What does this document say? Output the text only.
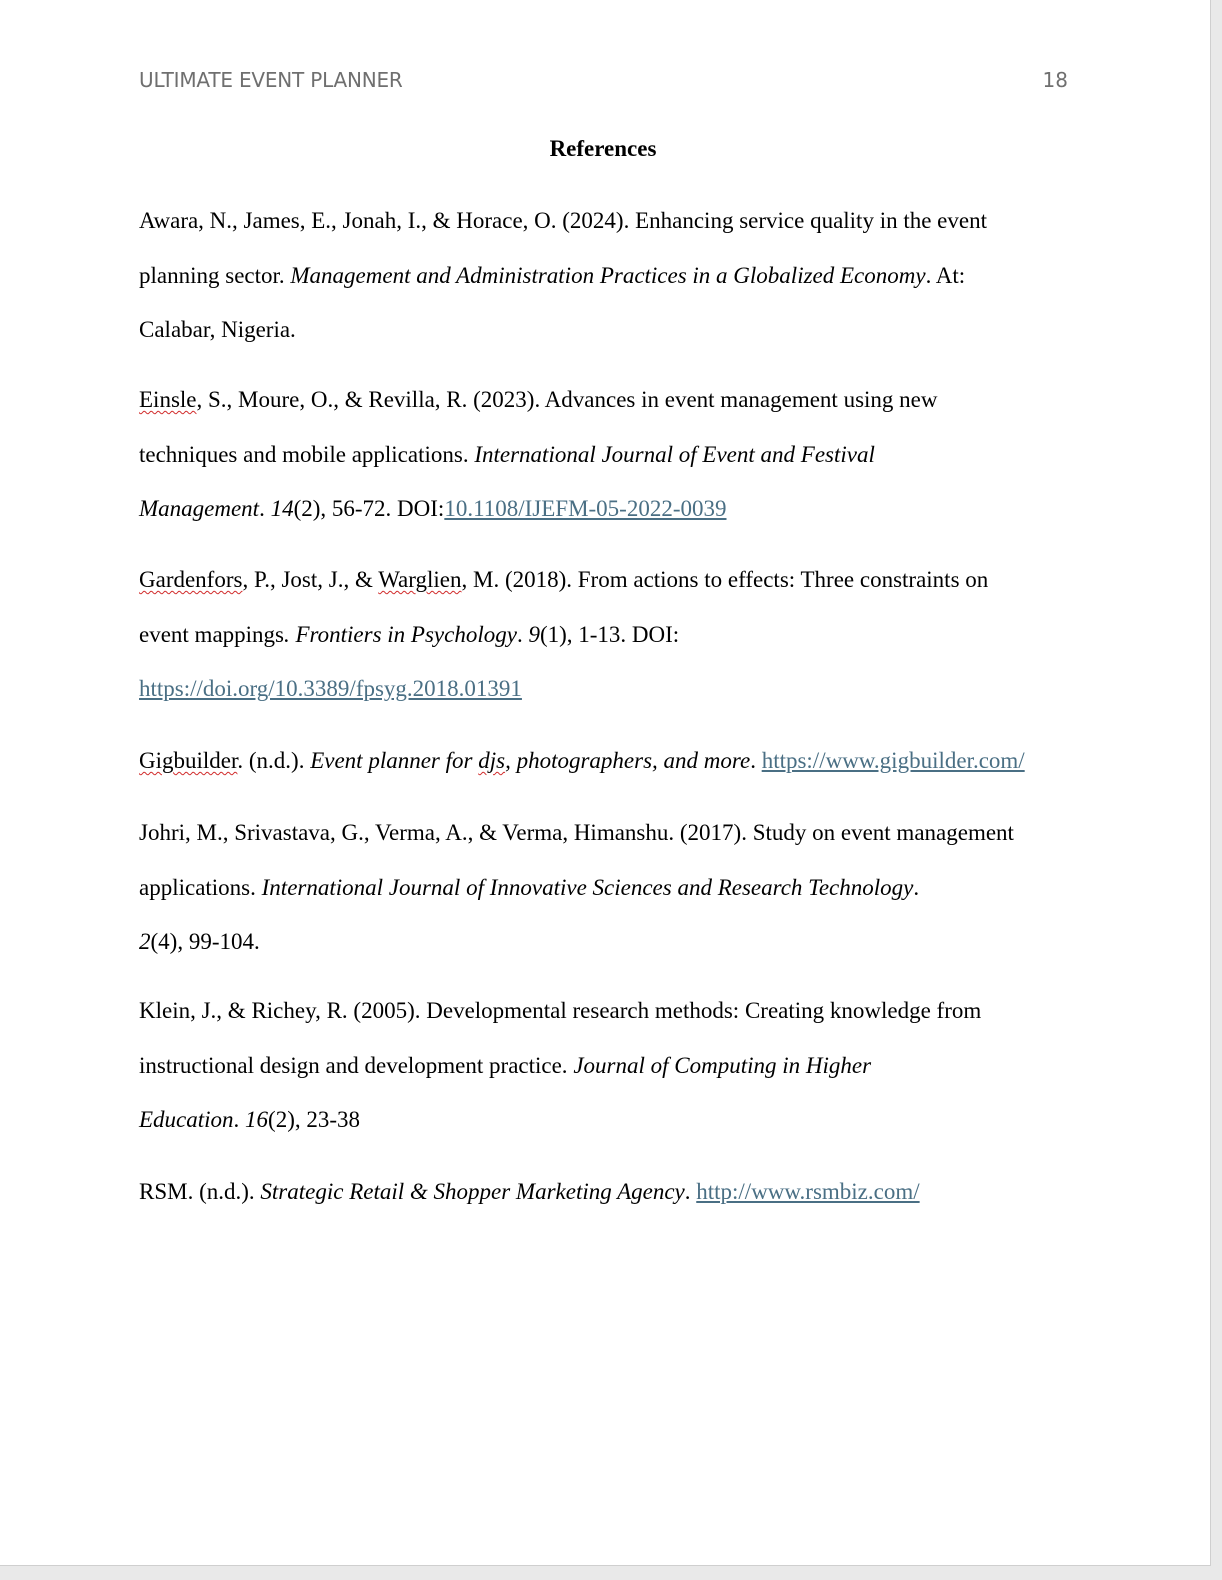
ULTIMATE EVENT PLANNER	18
References

Awara, N., James, E., Jonah, I., & Horace, O. (2024). Enhancing service quality in the event
planning sector. Management and Administration Practices in a Globalized Economy. At:
Calabar, Nigeria.

Einsle, S., Moure, O., & Revilla, R. (2023). Advances in event management using new
techniques and mobile applications. International Journal of Event and Festival
Management. 14(2), 56-72. DOI:10.1108/IJEFM-05-2022-0039

Gardenfors, P., Jost, J., & Warglien, M. (2018). From actions to effects: Three constraints on
event mappings. Frontiers in Psychology. 9(1), 1-13. DOI:
https://doi.org/10.3389/fpsyg.2018.01391

Gigbuilder. (n.d.). Event planner for djs, photographers, and more. https://www.gigbuilder.com/

Johri, M., Srivastava, G., Verma, A., & Verma, Himanshu. (2017). Study on event management
applications. International Journal of Innovative Sciences and Research Technology.
2(4), 99-104.

Klein, J., & Richey, R. (2005). Developmental research methods: Creating knowledge from
instructional design and development practice. Journal of Computing in Higher
Education. 16(2), 23-38

RSM. (n.d.). Strategic Retail & Shopper Marketing Agency. http://www.rsmbiz.com/
